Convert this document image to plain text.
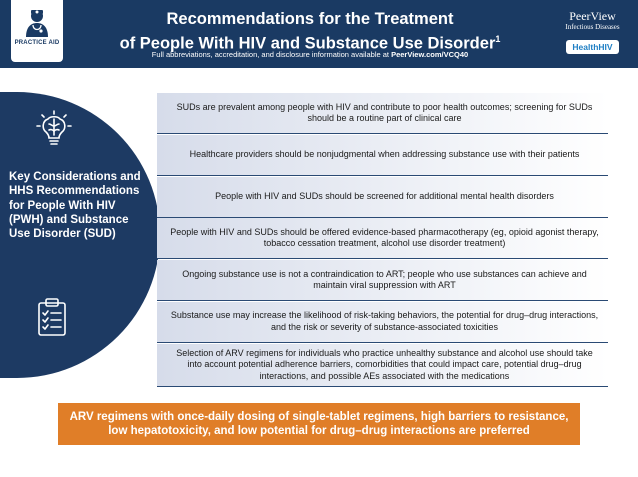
PRACTICE AID
Recommendations for the Treatment
of People With HIV and Substance Use Disorder$^1$
Full abbreviations, accreditation, and disclosure information available at PeerView.com/VCQ40
PeerView
Infectious Diseases
HealthHIV
Key Considerations and HHS Recommendations for People With HIV (PWH) and Substance Use Disorder (SUD)
SUDs are prevalent among people with HIV and contribute to poor health outcomes; screening for SUDs should be a routine part of clinical care
Healthcare providers should be nonjudgmental when addressing substance use with their patients
People with HIV and SUDs should be screened for additional mental health disorders
People with HIV and SUDs should be offered evidence-based pharmacotherapy (eg, opioid agonist therapy, tobacco cessation treatment, alcohol use disorder treatment)
Ongoing substance use is not a contraindication to ART; people who use substances can achieve and maintain viral suppression with ART
Substance use may increase the likelihood of risk-taking behaviors, the potential for drug–drug interactions, and the risk or severity of substance-associated toxicities
Selection of ARV regimens for individuals who practice unhealthy substance and alcohol use should take into account potential adherence barriers, comorbidities that could impact care, potential drug–drug interactions, and possible AEs associated with the medications
ARV regimens with once-daily dosing of single-tablet regimens, high barriers to resistance, low hepatotoxicity, and low potential for drug–drug interactions are preferred
